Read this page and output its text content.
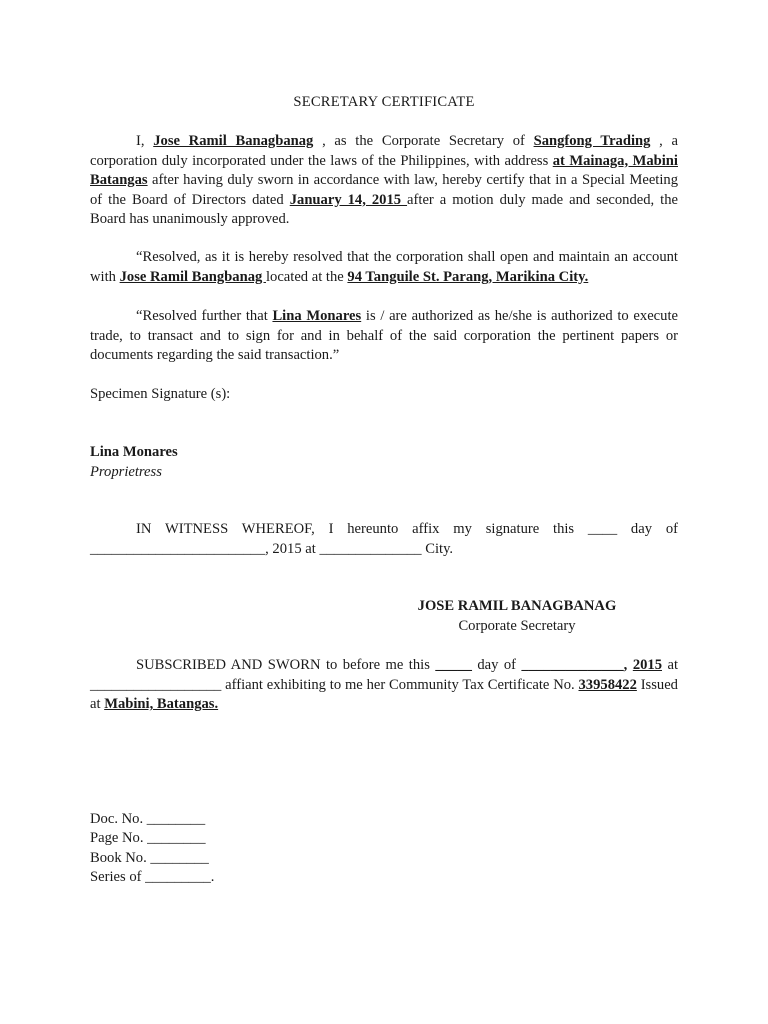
SECRETARY CERTIFICATE
I, Jose Ramil Banagbanag , as the Corporate Secretary of Sangfong Trading , a corporation duly incorporated under the laws of the Philippines, with address at Mainaga, Mabini Batangas after having duly sworn in accordance with law, hereby certify that in a Special Meeting of the Board of Directors dated January 14, 2015 after a motion duly made and seconded, the Board has unanimously approved.
“Resolved, as it is hereby resolved that the corporation shall open and maintain an account with Jose Ramil Bangbanag located at the 94 Tanguile St. Parang, Marikina City.
“Resolved further that Lina Monares is / are authorized as he/she is authorized to execute trade, to transact and to sign for and in behalf of the said corporation the pertinent papers or documents regarding the said transaction.”
Specimen Signature (s):
Lina Monares
Proprietress
IN WITNESS WHEREOF, I hereunto affix my signature this ____ day of ________________________, 2015 at ______________ City.
JOSE RAMIL BANAGBANAG
Corporate Secretary
SUBSCRIBED AND SWORN to before me this _____ day of ______________, 2015 at __________________ affiant exhibiting to me her Community Tax Certificate No. 33958422 Issued at Mabini, Batangas.
Doc. No. ________
Page No. ________
Book No. ________
Series of _________.
